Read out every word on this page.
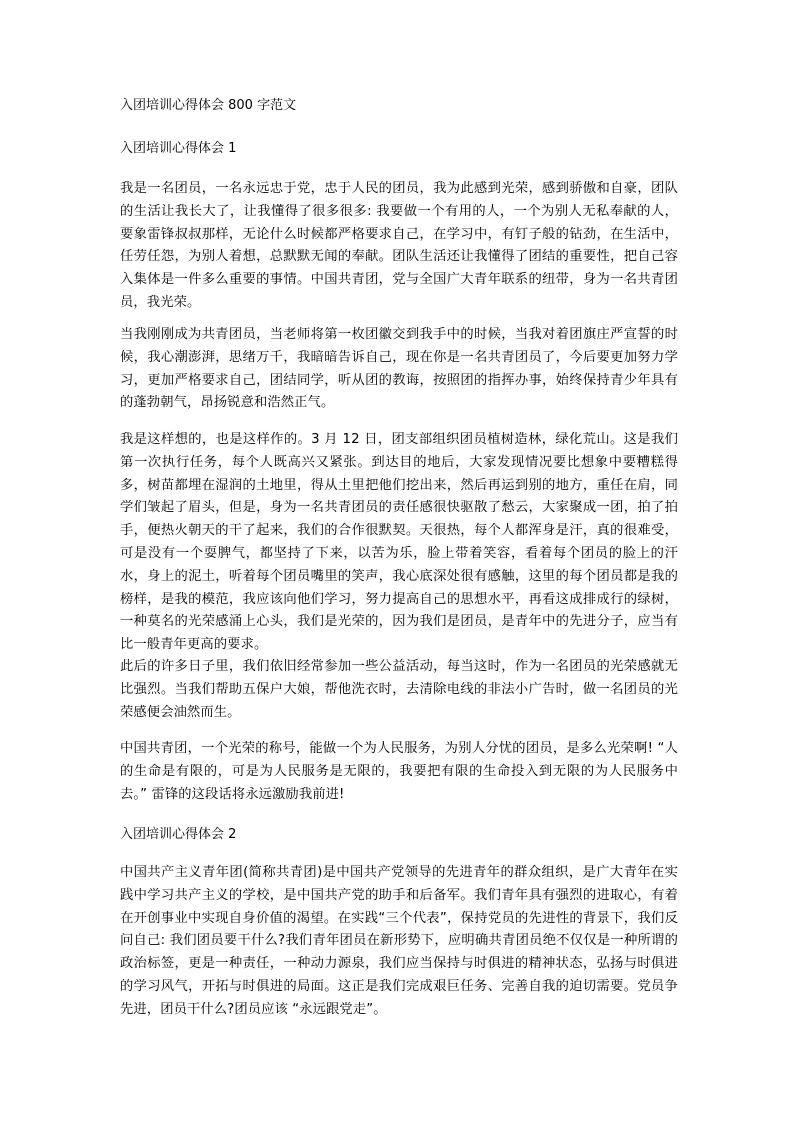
入团培训心得体会 800 字范文
入团培训心得体会 1

我是一名团员，一名永远忠于党，忠于人民的团员，我为此感到光荣，感到骄傲和自豪，团队的生活让我长大了，让我懂得了很多很多: 我要做一个有用的人，一个为别人无私奉献的人，要象雷锋叔叔那样，无论什么时候都严格要求自己，在学习中，有钉子般的钻劲，在生活中，任劳任怨，为别人着想，总默默无闻的奉献。团队生活还让我懂得了团结的重要性，把自己容入集体是一件多么重要的事情。中国共青团，党与全国广大青年联系的纽带，身为一名共青团员，我光荣。

当我刚刚成为共青团员，当老师将第一枚团徽交到我手中的时候，当我对着团旗庄严宣誓的时候，我心潮澎湃，思绪万千，我暗暗告诉自己，现在你是一名共青团员了，今后要更加努力学习，更加严格要求自己，团结同学，听从团的教诲，按照团的指挥办事，始终保持青少年具有的蓬勃朝气，昂扬锐意和浩然正气。

我是这样想的，也是这样作的。3 月 12 日，团支部组织团员植树造林，绿化荒山。这是我们第一次执行任务，每个人既高兴又紧张。到达目的地后，大家发现情况要比想象中要糟糕得多，树苗都埋在湿润的土地里，得从土里把他们挖出来，然后再运到别的地方，重任在肩，同学们皱起了眉头，但是，身为一名共青团员的责任感很快驱散了愁云，大家聚成一团，拍了拍手，便热火朝天的干了起来，我们的合作很默契。天很热，每个人都浑身是汗，真的很难受，可是没有一个耍脾气，都坚持了下来，以苦为乐，脸上带着笑容，看着每个团员的脸上的汗水，身上的泥土，听着每个团员嘴里的笑声，我心底深处很有感触，这里的每个团员都是我的榜样，是我的模范，我应该向他们学习，努力提高自己的思想水平，再看这成排成行的绿树，一种莫名的光荣感涌上心头，我们是光荣的，因为我们是团员，是青年中的先进分子，应当有比一般青年更高的要求。

此后的许多日子里，我们依旧经常参加一些公益活动，每当这时，作为一名团员的光荣感就无比强烈。当我们帮助五保户大娘，帮他洗衣时，去清除电线的非法小广告时，做一名团员的光荣感便会油然而生。

中国共青团，一个光荣的称号，能做一个为人民服务，为别人分忧的团员，是多么光荣啊! “人的生命是有限的，可是为人民服务是无限的，我要把有限的生命投入到无限的为人民服务中去。” 雷锋的这段话将永远激励我前进!

入团培训心得体会 2

中国共产主义青年团(简称共青团)是中国共产党领导的先进青年的群众组织，是广大青年在实践中学习共产主义的学校，是中国共产党的助手和后备军。我们青年具有强烈的进取心，有着在开创事业中实现自身价值的渴望。在实践“三个代表”，保持党员的先进性的背景下，我们反问自己: 我们团员要干什么?我们青年团员在新形势下，应明确共青团员绝不仅仅是一种所谓的政治标签，更是一种责任，一种动力源泉，我们应当保持与时俱进的精神状态，弘扬与时俱进的学习风气，开拓与时俱进的局面。这正是我们完成艰巨任务、完善自我的迫切需要。党员争先进，团员干什么?团员应该 “永远跟党走”。
